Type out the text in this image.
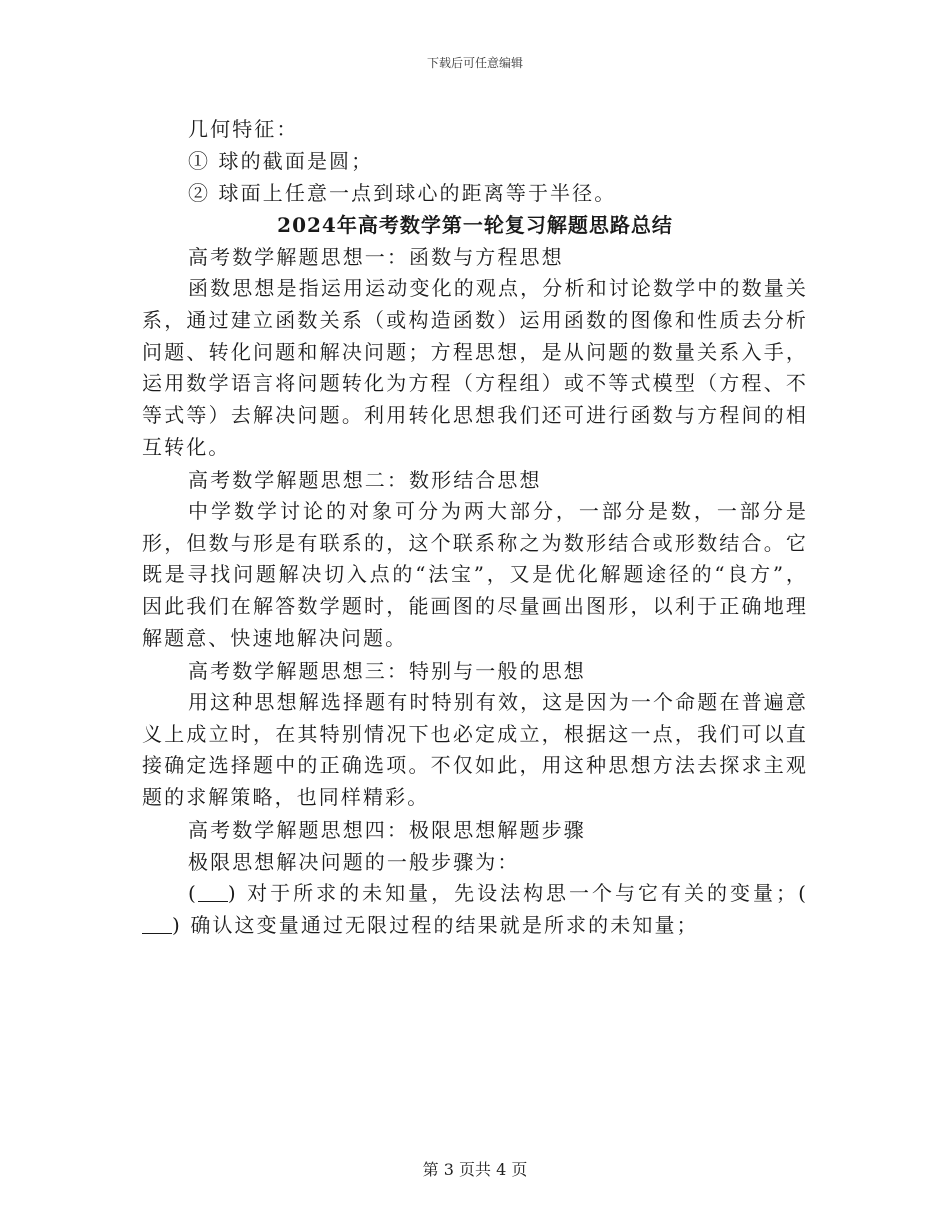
下载后可任意编辑
几何特征：
① 球的截面是圆；
② 球面上任意一点到球心的距离等于半径。
2024年高考数学第一轮复习解题思路总结
高考数学解题思想一：函数与方程思想

函数思想是指运用运动变化的观点，分析和讨论数学中的数量关系，通过建立函数关系（或构造函数）运用函数的图像和性质去分析问题、转化问题和解决问题；方程思想，是从问题的数量关系入手，运用数学语言将问题转化为方程（方程组）或不等式模型（方程、不等式等）去解决问题。利用转化思想我们还可进行函数与方程间的相互转化。

高考数学解题思想二：数形结合思想

中学数学讨论的对象可分为两大部分，一部分是数，一部分是形，但数与形是有联系的，这个联系称之为数形结合或形数结合。它既是寻找问题解决切入点的“法宝”，又是优化解题途径的“良方”，因此我们在解答数学题时，能画图的尽量画出图形，以利于正确地理解题意、快速地解决问题。

高考数学解题思想三：特别与一般的思想

用这种思想解选择题有时特别有效，这是因为一个命题在普遍意义上成立时，在其特别情况下也必定成立，根据这一点，我们可以直接确定选择题中的正确选项。不仅如此，用这种思想方法去探求主观题的求解策略，也同样精彩。

高考数学解题思想四：极限思想解题步骤
极限思想解决问题的一般步骤为：

( ) 对于所求的未知量，先设法构思一个与它有关的变量；() 确认这变量通过无限过程的结果就是所求的未知量；

第 3 页共 4 页
